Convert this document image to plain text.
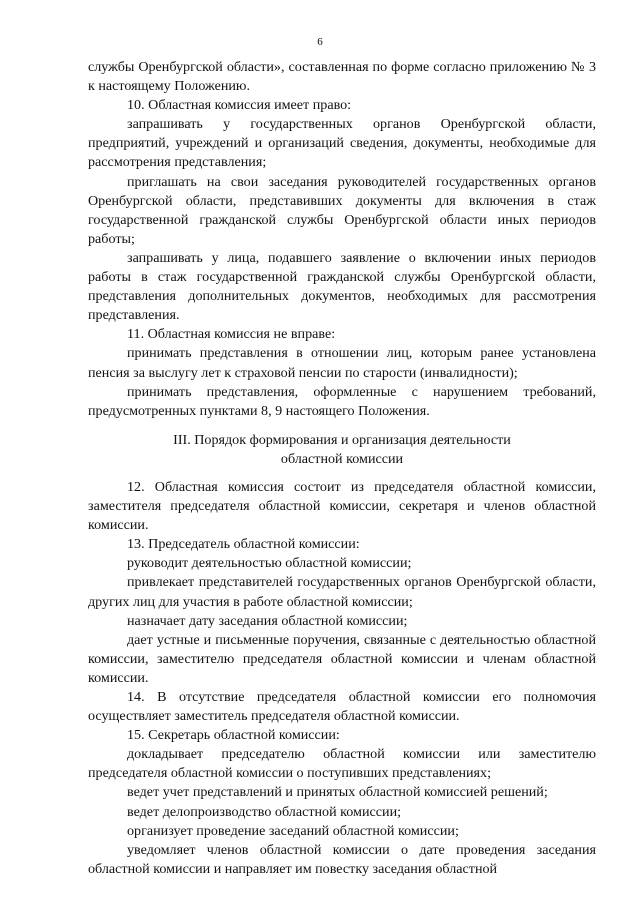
6

службы Оренбургской области», составленная по форме согласно приложению № 3 к настоящему Положению.

10. Областная комиссия имеет право:

запрашивать у государственных органов Оренбургской области, предприятий, учреждений и организаций сведения, документы, необходимые для рассмотрения представления;

приглашать на свои заседания руководителей государственных органов Оренбургской области, представивших документы для включения в стаж государственной гражданской службы Оренбургской области иных периодов работы;

запрашивать у лица, подавшего заявление о включении иных периодов работы в стаж государственной гражданской службы Оренбургской области, представления дополнительных документов, необходимых для рассмотрения представления.

11. Областная комиссия не вправе:

принимать представления в отношении лиц, которым ранее установлена пенсия за выслугу лет к страховой пенсии по старости (инвалидности);

принимать представления, оформленные с нарушением требований, предусмотренных пунктами 8, 9 настоящего Положения.

III. Порядок формирования и организация деятельности
областной комиссии

12. Областная комиссия состоит из председателя областной комиссии, заместителя председателя областной комиссии, секретаря и членов областной комиссии.

13. Председатель областной комиссии:

руководит деятельностью областной комиссии;

привлекает представителей государственных органов Оренбургской области, других лиц для участия в работе областной комиссии;

назначает дату заседания областной комиссии;

дает устные и письменные поручения, связанные с деятельностью областной комиссии, заместителю председателя областной комиссии и членам областной комиссии.

14. В отсутствие председателя областной комиссии его полномочия осуществляет заместитель председателя областной комиссии.

15. Секретарь областной комиссии:

докладывает председателю областной комиссии или заместителю председателя областной комиссии о поступивших представлениях;

ведет учет представлений и принятых областной комиссией решений;

ведет делопроизводство областной комиссии;

организует проведение заседаний областной комиссии;

уведомляет членов областной комиссии о дате проведения заседания областной комиссии и направляет им повестку заседания областной
